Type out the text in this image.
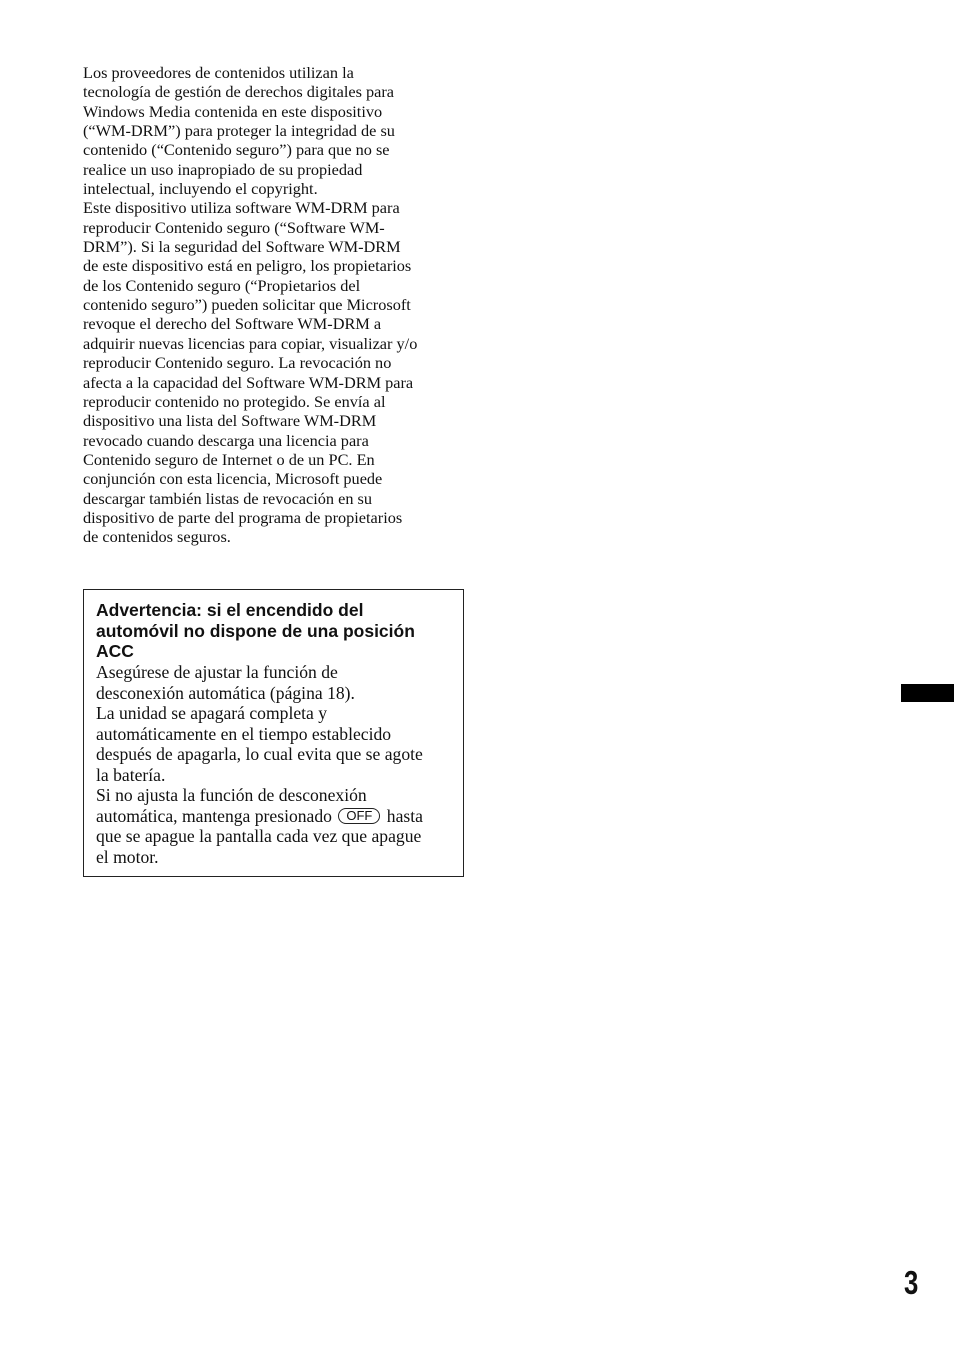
Los proveedores de contenidos utilizan la
tecnología de gestión de derechos digitales para
Windows Media contenida en este dispositivo
(“WM-DRM”) para proteger la integridad de su
contenido (“Contenido seguro”) para que no se
realice un uso inapropiado de su propiedad
intelectual, incluyendo el copyright.
Este dispositivo utiliza software WM-DRM para
reproducir Contenido seguro (“Software WM-
DRM”). Si la seguridad del Software WM-DRM
de este dispositivo está en peligro, los propietarios
de los Contenido seguro (“Propietarios del
contenido seguro”) pueden solicitar que Microsoft
revoque el derecho del Software WM-DRM a
adquirir nuevas licencias para copiar, visualizar y/o
reproducir Contenido seguro. La revocación no
afecta a la capacidad del Software WM-DRM para
reproducir contenido no protegido. Se envía al
dispositivo una lista del Software WM-DRM
revocado cuando descarga una licencia para
Contenido seguro de Internet o de un PC. En
conjunción con esta licencia, Microsoft puede
descargar también listas de revocación en su
dispositivo de parte del programa de propietarios
de contenidos seguros.
Advertencia: si el encendido del
automóvil no dispone de una posición
ACC
Asegúrese de ajustar la función de
desconexión automática (página 18).
La unidad se apagará completa y
automáticamente en el tiempo establecido
después de apagarla, lo cual evita que se agote
la batería.
Si no ajusta la función de desconexión
automática, mantenga presionado OFF hasta
que se apague la pantalla cada vez que apague
el motor.
3
